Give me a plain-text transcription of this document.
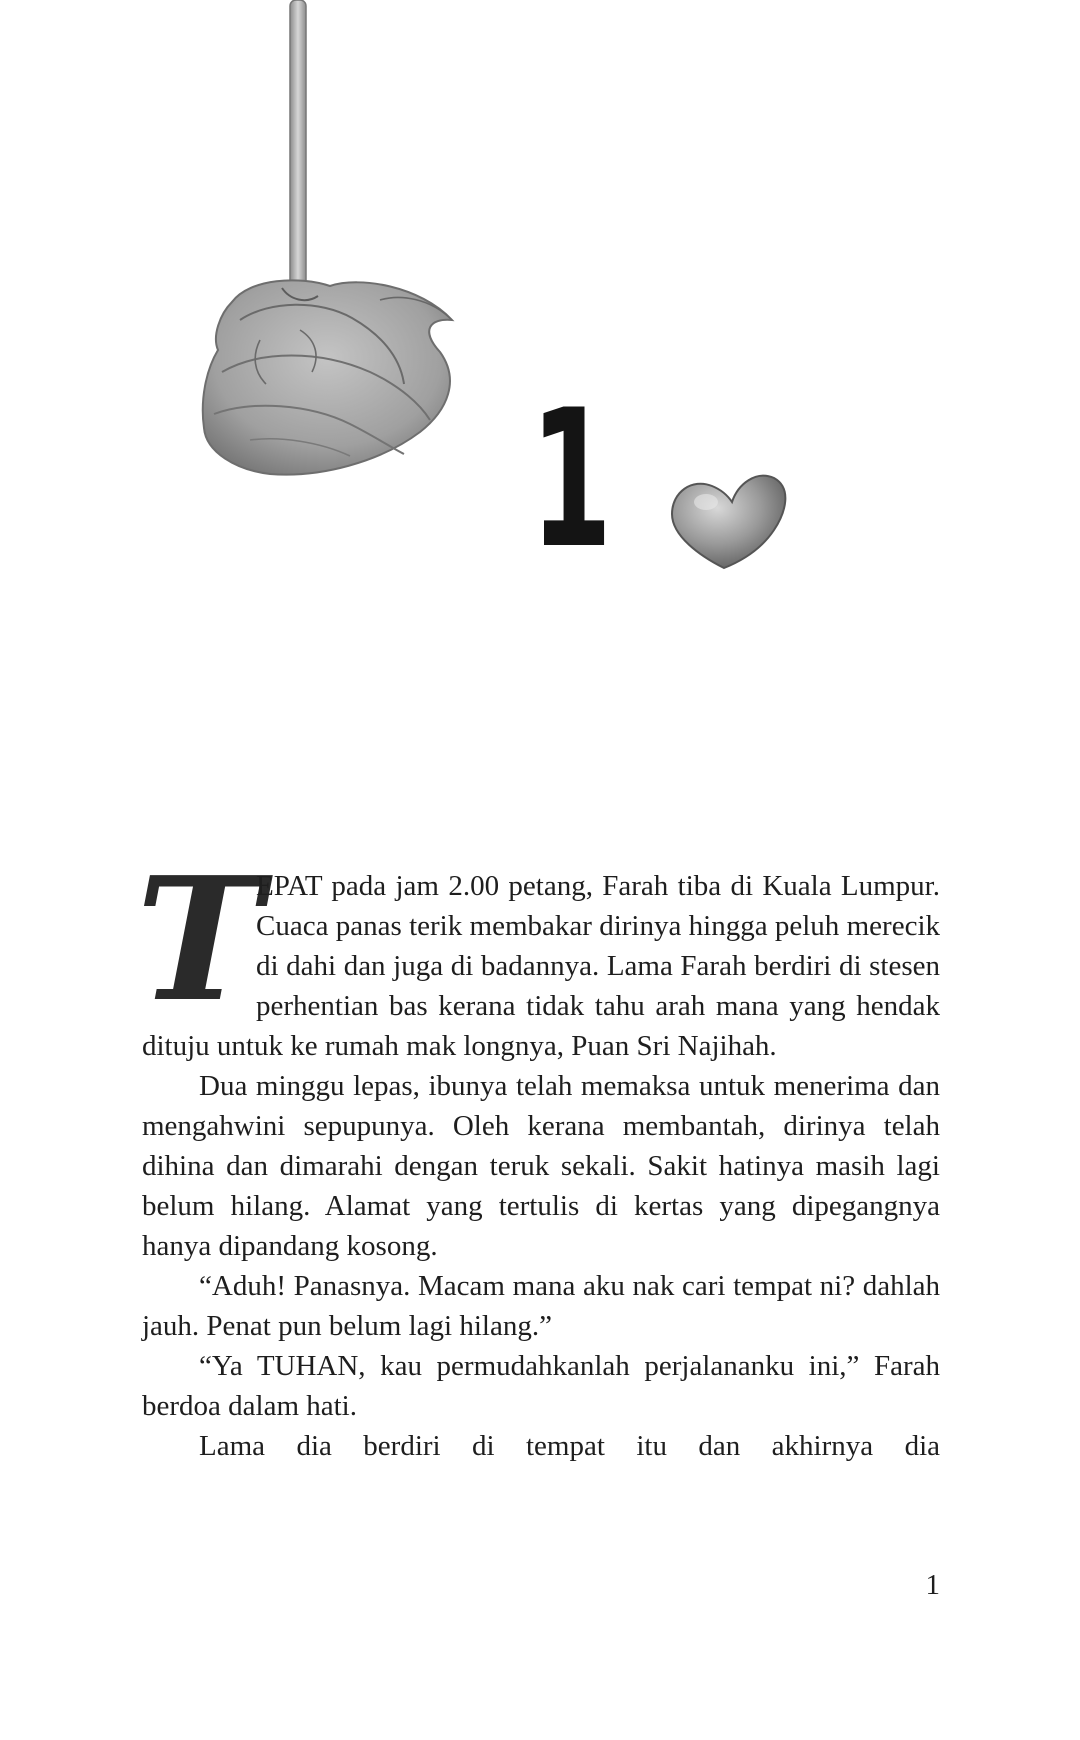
1

T
EPAT pada jam 2.00 petang, Farah tiba di Kuala Lumpur. Cuaca panas terik membakar dirinya hingga peluh merecik di dahi dan juga di badannya. Lama Farah berdiri di stesen perhentian bas kerana tidak tahu arah mana yang hendak dituju untuk ke rumah mak longnya, Puan Sri Najihah.

Dua minggu lepas, ibunya telah memaksa untuk menerima dan mengahwini sepupunya. Oleh kerana membantah, dirinya telah dihina dan dimarahi dengan teruk sekali. Sakit hatinya masih lagi belum hilang. Alamat yang tertulis di kertas yang dipegangnya hanya dipandang kosong.

“Aduh! Panasnya. Macam mana aku nak cari tempat ni? dahlah jauh. Penat pun belum lagi hilang.”

“Ya TUHAN, kau permudahkanlah perjalananku ini,” Farah berdoa dalam hati.

Lama dia berdiri di tempat itu dan akhirnya dia

1
